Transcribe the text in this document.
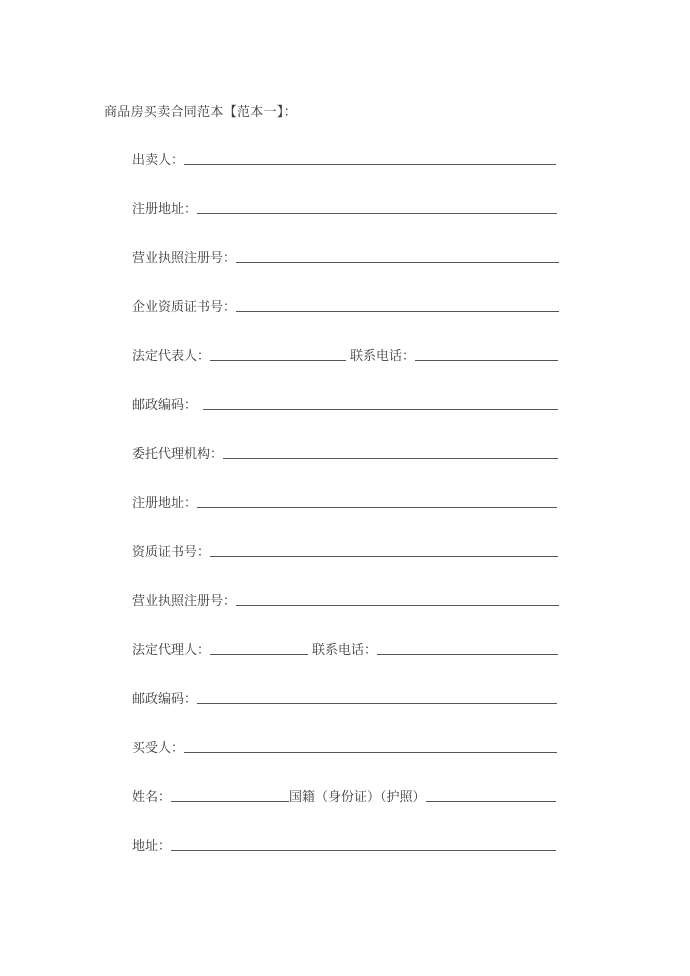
商品房买卖合同范本【范本一】：
出卖人：
注册地址：
营业执照注册号：
企业资质证书号：
法定代表人：	联系电话：
邮政编码：
委托代理机构：
注册地址：
资质证书号：
营业执照注册号：
法定代理人：	联系电话：
邮政编码：
买受人：
姓名：	国籍（身份证）（护照）
地址：
